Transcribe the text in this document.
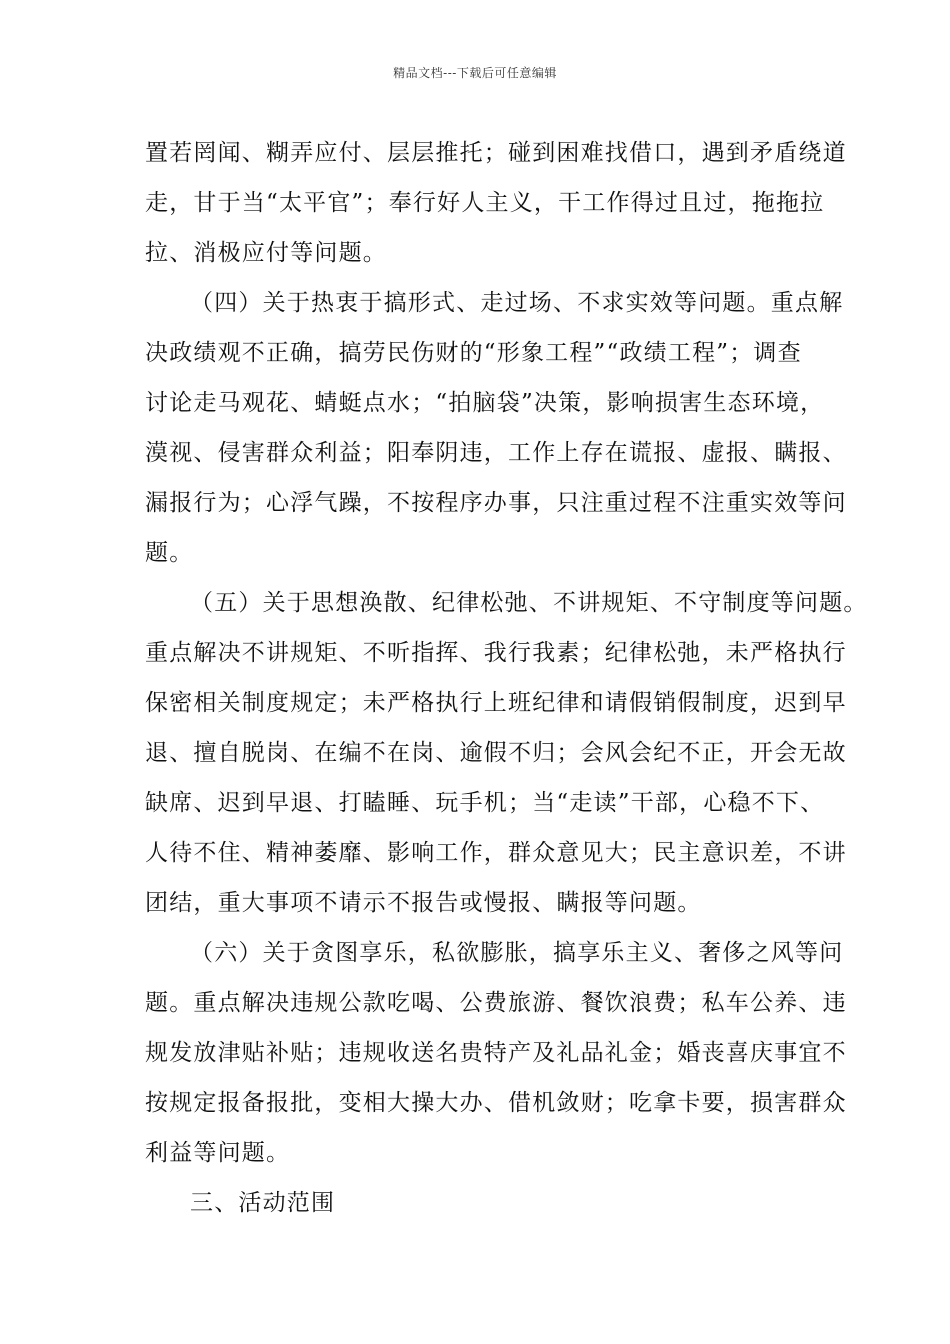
精品文档---下载后可任意编辑
置若罔闻、糊弄应付、层层推托；碰到困难找借口，遇到矛盾绕道
走，甘于当“太平官”；奉行好人主义，干工作得过且过，拖拖拉
拉、消极应付等问题。
（四）关于热衷于搞形式、走过场、不求实效等问题。重点解
决政绩观不正确，搞劳民伤财的“形象工程”“政绩工程”；调查
讨论走马观花、蜻蜓点水；“拍脑袋”决策，影响损害生态环境，
漠视、侵害群众利益；阳奉阴违，工作上存在谎报、虚报、瞒报、
漏报行为；心浮气躁，不按程序办事，只注重过程不注重实效等问
题。
（五）关于思想涣散、纪律松弛、不讲规矩、不守制度等问题。
重点解决不讲规矩、不听指挥、我行我素；纪律松弛，未严格执行
保密相关制度规定；未严格执行上班纪律和请假销假制度，迟到早
退、擅自脱岗、在编不在岗、逾假不归；会风会纪不正，开会无故
缺席、迟到早退、打瞌睡、玩手机；当“走读”干部，心稳不下、
人待不住、精神萎靡、影响工作，群众意见大；民主意识差，不讲
团结，重大事项不请示不报告或慢报、瞒报等问题。
（六）关于贪图享乐，私欲膨胀，搞享乐主义、奢侈之风等问
题。重点解决违规公款吃喝、公费旅游、餐饮浪费；私车公养、违
规发放津贴补贴；违规收送名贵特产及礼品礼金；婚丧喜庆事宜不
按规定报备报批，变相大操大办、借机敛财；吃拿卡要，损害群众
利益等问题。
三、活动范围
